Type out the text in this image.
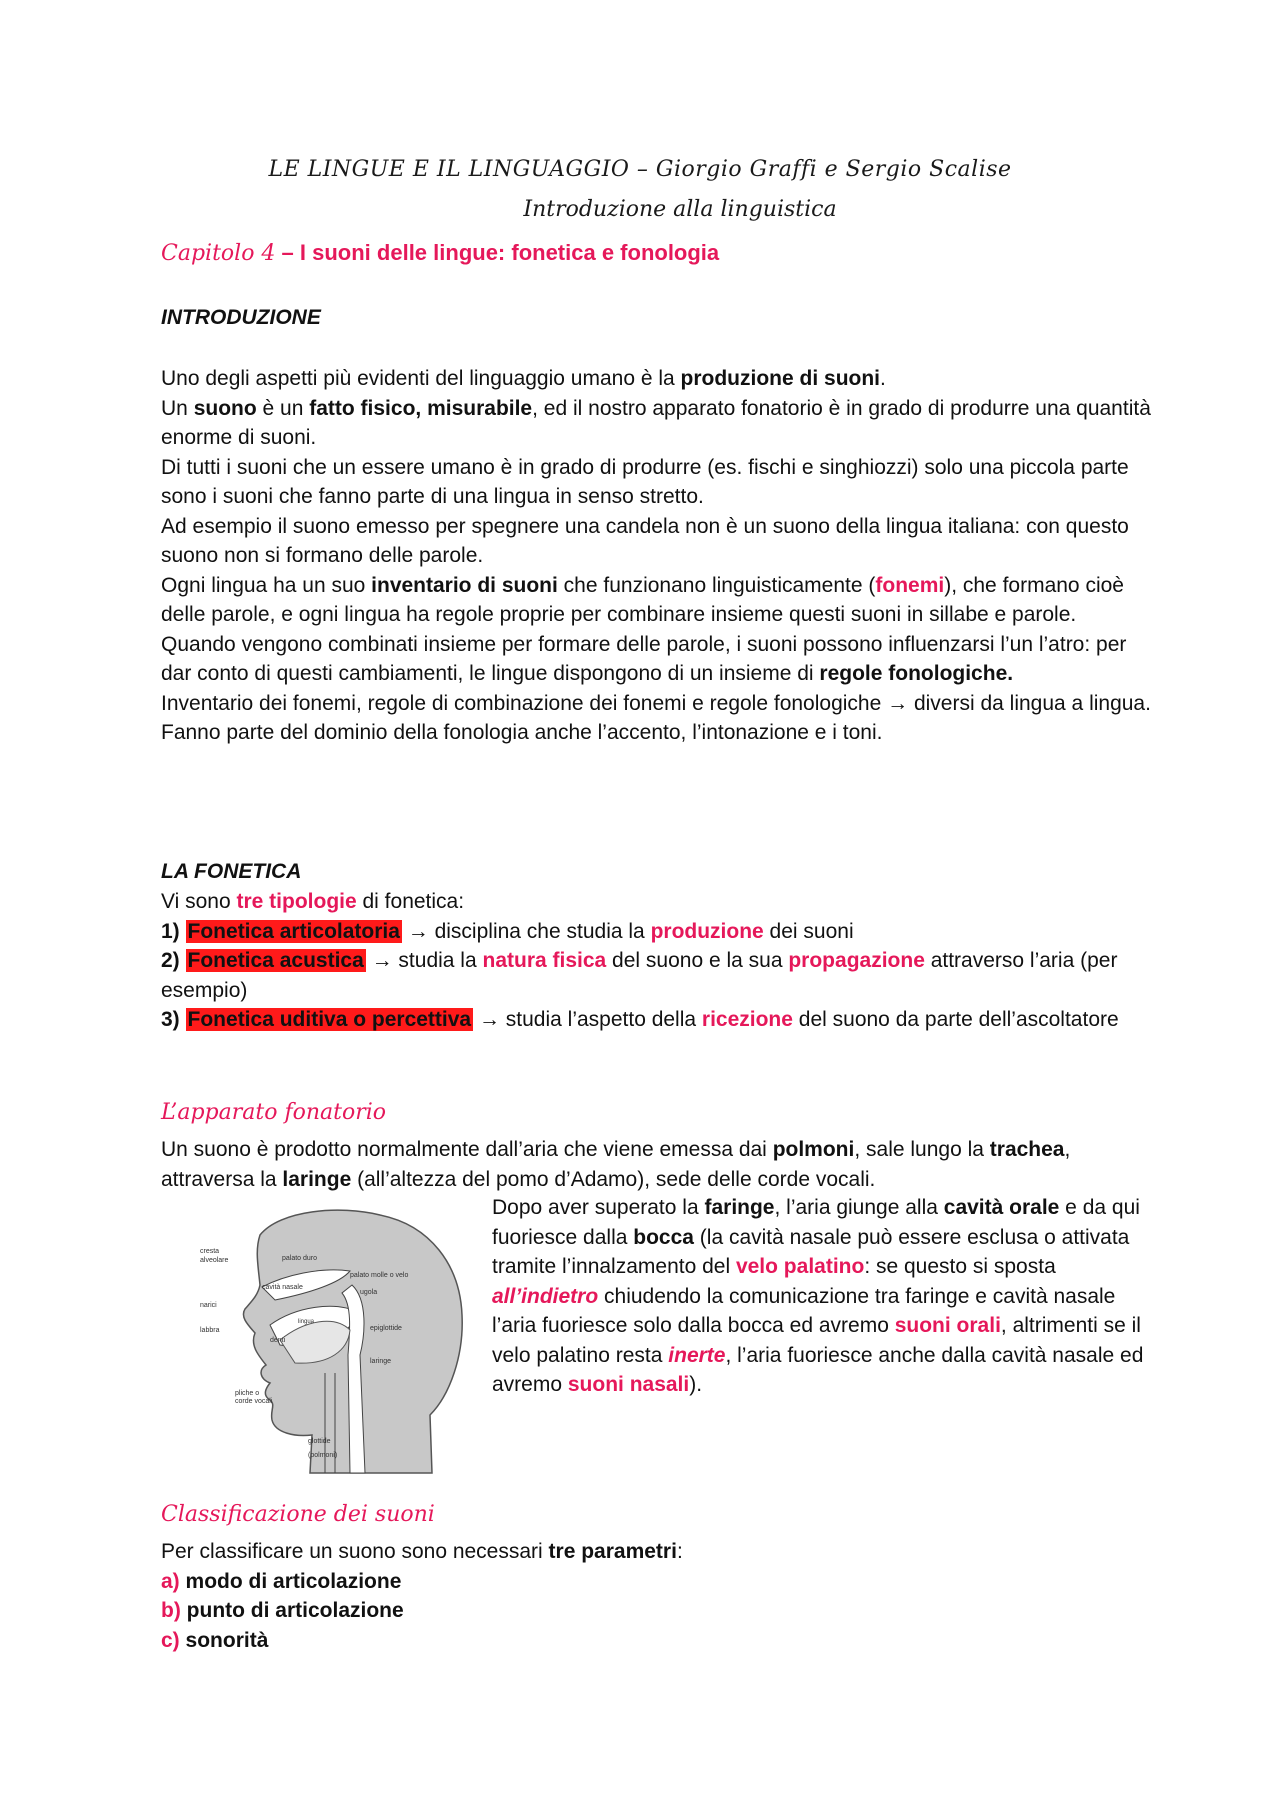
LE LINGUE E IL LINGUAGGIO – Giorgio Graffi e Sergio Scalise
Introduzione alla linguistica
Capitolo 4 – I suoni delle lingue: fonetica e fonologia
INTRODUZIONE

Uno degli aspetti più evidenti del linguaggio umano è la produzione di suoni.

Un suono è un fatto fisico, misurabile, ed il nostro apparato fonatorio è in grado di produrre una quantità enorme di suoni.

Di tutti i suoni che un essere umano è in grado di produrre (es. fischi e singhiozzi) solo una piccola parte sono i suoni che fanno parte di una lingua in senso stretto.

Ad esempio il suono emesso per spegnere una candela non è un suono della lingua italiana: con questo suono non si formano delle parole.

Ogni lingua ha un suo inventario di suoni che funzionano linguisticamente (fonemi), che formano cioè delle parole, e ogni lingua ha regole proprie per combinare insieme questi suoni in sillabe e parole.

Quando vengono combinati insieme per formare delle parole, i suoni possono influenzarsi l’un l’atro: per dar conto di questi cambiamenti, le lingue dispongono di un insieme di regole fonologiche.

Inventario dei fonemi, regole di combinazione dei fonemi e regole fonologiche → diversi da lingua a lingua.

Fanno parte del dominio della fonologia anche l’accento, l’intonazione e i toni.

LA FONETICA

Vi sono tre tipologie di fonetica:

1) Fonetica articolatoria → disciplina che studia la produzione dei suoni

2) Fonetica acustica → studia la natura fisica del suono e la sua propagazione attraverso l’aria (per esempio)

3) Fonetica uditiva o percettiva → studia l’aspetto della ricezione del suono da parte dell’ascoltatore

L’apparato fonatorio

Un suono è prodotto normalmente dall’aria che viene emessa dai polmoni, sale lungo la trachea, attraversa la laringe (all’altezza del pomo d’Adamo), sede delle corde vocali.

cresta
alveolare	palato duro
palato molle o velo
cavità nasale
ugola
narici
labbra
lingua
denti
epiglottide
laringe
pliche o
corde vocali
glottide
(polmoni)

Dopo aver superato la faringe, l’aria giunge alla cavità orale e da qui fuoriesce dalla bocca (la cavità nasale può essere esclusa o attivata tramite l’innalzamento del velo palatino: se questo si sposta all’indietro chiudendo la comunicazione tra faringe e cavità nasale l’aria fuoriesce solo dalla bocca ed avremo suoni orali, altrimenti se il velo palatino resta inerte, l’aria fuoriesce anche dalla cavità nasale ed avremo suoni nasali).

Classificazione dei suoni

Per classificare un suono sono necessari tre parametri:

a) modo di articolazione

b) punto di articolazione

c) sonorità
